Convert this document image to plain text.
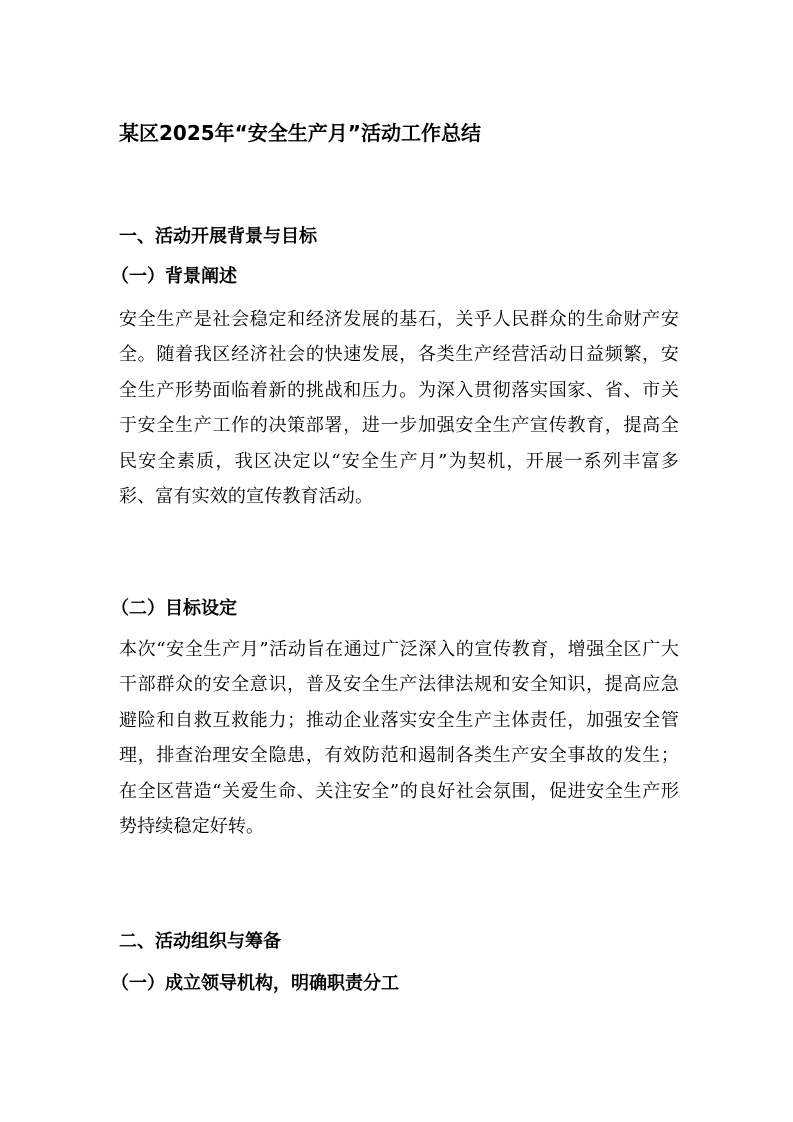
某区2025年“安全生产月”活动工作总结
一、活动开展背景与目标
（一）背景阐述

安全生产是社会稳定和经济发展的基石，关乎人民群众的生命财产安全。随着我区经济社会的快速发展，各类生产经营活动日益频繁，安全生产形势面临着新的挑战和压力。为深入贯彻落实国家、省、市关于安全生产工作的决策部署，进一步加强安全生产宣传教育，提高全民安全素质，我区决定以“安全生产月”为契机，开展一系列丰富多彩、富有实效的宣传教育活动。

（二）目标设定

本次“安全生产月”活动旨在通过广泛深入的宣传教育，增强全区广大干部群众的安全意识，普及安全生产法律法规和安全知识，提高应急避险和自救互救能力；推动企业落实安全生产主体责任，加强安全管理，排查治理安全隐患，有效防范和遏制各类生产安全事故的发生；在全区营造“关爱生命、关注安全”的良好社会氛围，促进安全生产形势持续稳定好转。

二、活动组织与筹备
（一）成立领导机构，明确职责分工
